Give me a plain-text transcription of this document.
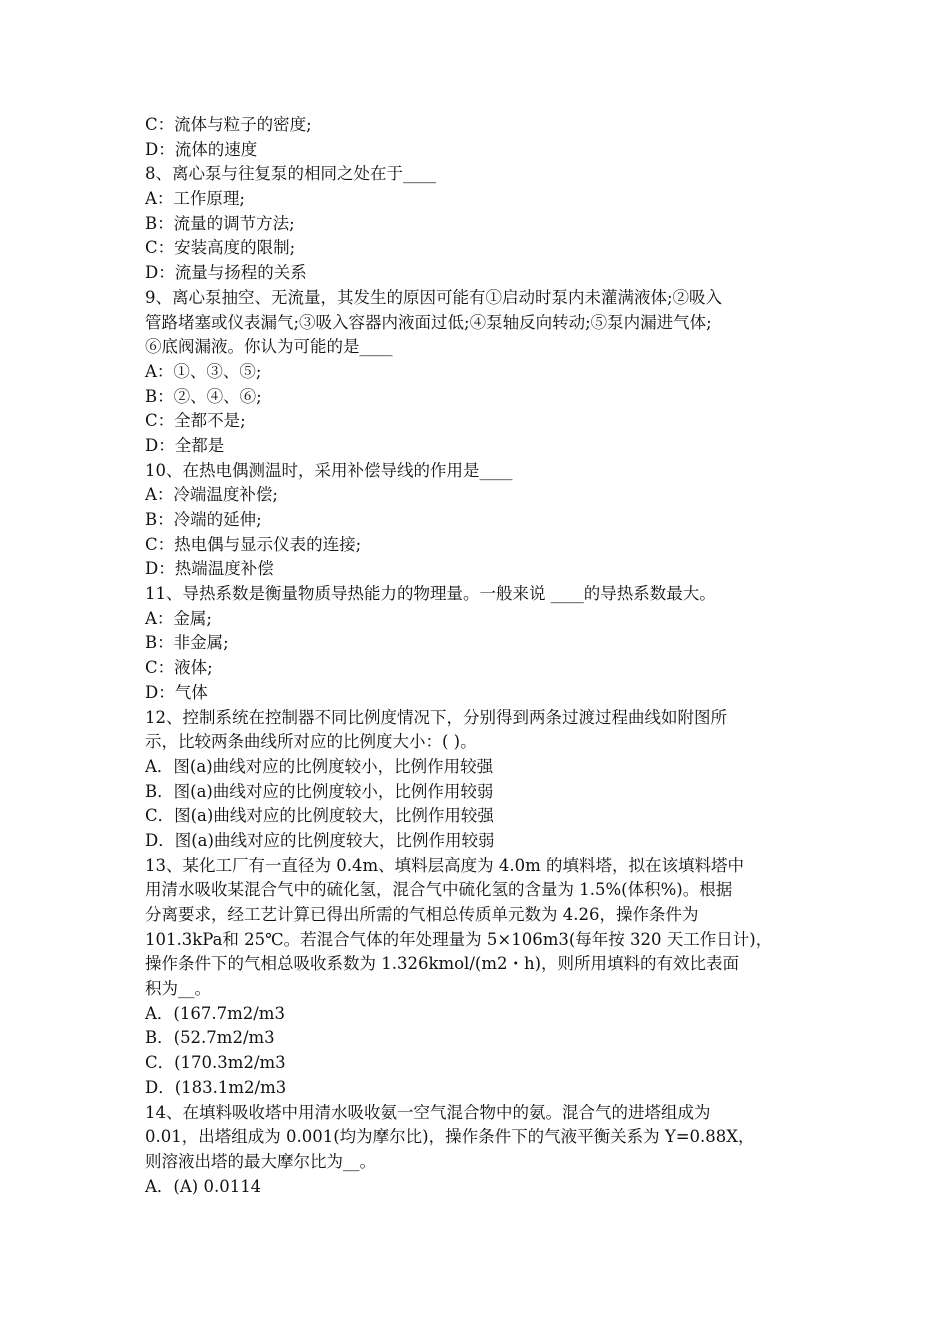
C：流体与粒子的密度;
D：流体的速度
8、离心泵与往复泵的相同之处在于____
A：工作原理;
B：流量的调节方法;
C：安装高度的限制;
D：流量与扬程的关系
9、离心泵抽空、无流量，其发生的原因可能有①启动时泵内未灌满液体;②吸入
管路堵塞或仪表漏气;③吸入容器内液面过低;④泵轴反向转动;⑤泵内漏进气体;
⑥底阀漏液。你认为可能的是____
A：①、③、⑤;
B：②、④、⑥;
C：全都不是;
D：全都是
10、在热电偶测温时，采用补偿导线的作用是____
A：冷端温度补偿;
B：冷端的延伸;
C：热电偶与显示仪表的连接;
D：热端温度补偿
11、导热系数是衡量物质导热能力的物理量。一般来说 ____的导热系数最大。
A：金属;
B：非金属;
C：液体;
D：气体
12、控制系统在控制器不同比例度情况下，分别得到两条过渡过程曲线如附图所
示，比较两条曲线所对应的比例度大小：( )。
A．图(a)曲线对应的比例度较小，比例作用较强
B．图(a)曲线对应的比例度较小，比例作用较弱
C．图(a)曲线对应的比例度较大，比例作用较强
D．图(a)曲线对应的比例度较大，比例作用较弱
13、某化工厂有一直径为 0.4m、填料层高度为 4.0m 的填料塔，拟在该填料塔中
用清水吸收某混合气中的硫化氢，混合气中硫化氢的含量为 1.5%(体积%)。根据
分离要求，经工艺计算已得出所需的气相总传质单元数为 4.26，操作条件为
101.3kPa和 25℃。若混合气体的年处理量为 5×106m3(每年按 320 天工作日计)，
操作条件下的气相总吸收系数为 1.326kmol/(m2・h)，则所用填料的有效比表面
积为__。
A．(167.7m2/m3
B．(52.7m2/m3
C．(170.3m2/m3
D．(183.1m2/m3
14、在填料吸收塔中用清水吸收氨一空气混合物中的氨。混合气的进塔组成为
0.01，出塔组成为 0.001(均为摩尔比)，操作条件下的气液平衡关系为 Y=0.88X，
则溶液出塔的最大摩尔比为__。
A．(A) 0.0114
